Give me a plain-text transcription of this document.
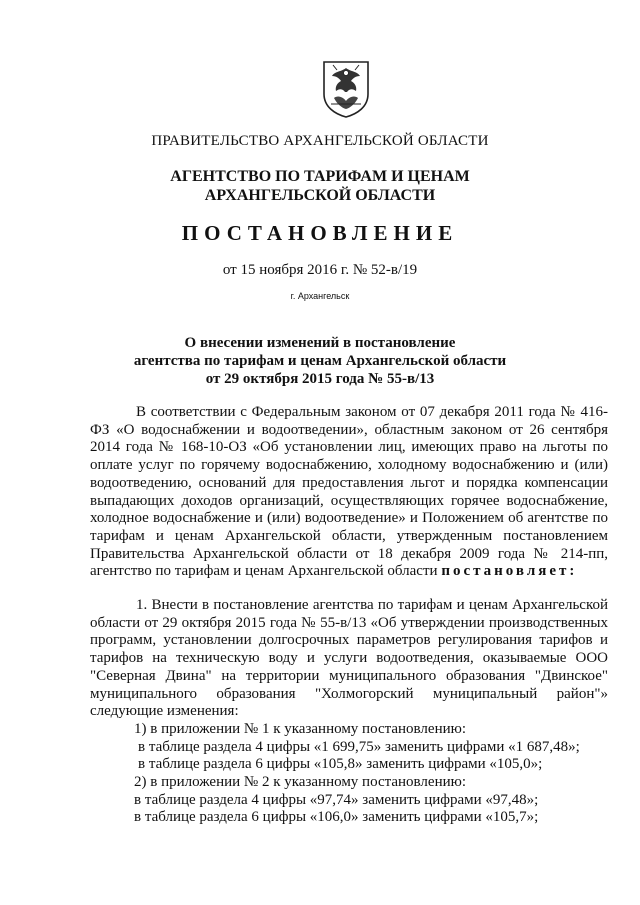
ПРАВИТЕЛЬСТВО АРХАНГЕЛЬСКОЙ ОБЛАСТИ
АГЕНТСТВО ПО ТАРИФАМ И ЦЕНАМ
АРХАНГЕЛЬСКОЙ ОБЛАСТИ
ПОСТАНОВЛЕНИЕ
от 15 ноября 2016 г. № 52-в/19
г. Архангельск
О внесении изменений в постановление
агентства по тарифам и ценам Архангельской области
от 29 октября 2015 года № 55-в/13
В соответствии с Федеральным законом от 07 декабря 2011 года № 416-ФЗ «О водоснабжении и водоотведении», областным законом от 26 сентября 2014 года № 168-10-ОЗ «Об установлении лиц, имеющих право на льготы по оплате услуг по горячему водоснабжению, холодному водоснабжению и (или) водоотведению, оснований для предоставления льгот и порядка компенсации выпадающих доходов организаций, осуществляющих горячее водоснабжение, холодное водоснабжение и (или) водоотведение» и Положением об агентстве по тарифам и ценам Архангельской области, утвержденным постановлением Правительства Архангельской области от 18 декабря 2009 года № 214-пп, агентство по тарифам и ценам Архангельской области постановляет:
1. Внести в постановление агентства по тарифам и ценам Архангельской области от 29 октября 2015 года № 55-в/13 «Об утверждении производственных программ, установлении долгосрочных параметров регулирования тарифов и тарифов на техническую воду и услуги водоотведения, оказываемые ООО "Северная Двина" на территории муниципального образования "Двинское" муниципального образования "Холмогорский муниципальный район"» следующие изменения:
1) в приложении № 1 к указанному постановлению:
в таблице раздела 4 цифры «1 699,75» заменить цифрами «1 687,48»;
в таблице раздела 6 цифры «105,8» заменить цифрами «105,0»;
2) в приложении № 2 к указанному постановлению:
в таблице раздела 4 цифры «97,74» заменить цифрами «97,48»;
в таблице раздела 6 цифры «106,0» заменить цифрами «105,7»;
